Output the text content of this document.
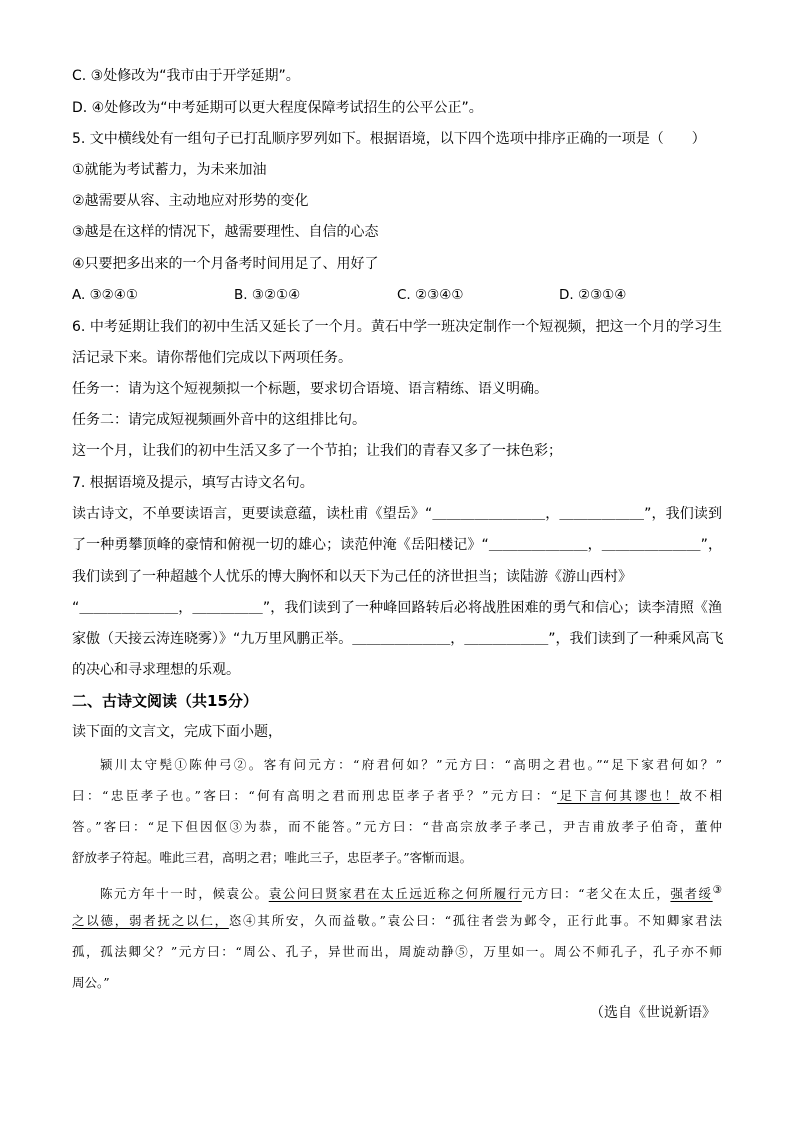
C. ③处修改为“我市由于开学延期”。
D. ④处修改为“中考延期可以更大程度保障考试招生的公平公正”。
5. 文中横线处有一组句子已打乱顺序罗列如下。根据语境，以下四个选项中排序正确的一项是（　　）
①就能为考试蓄力，为未来加油
②越需要从容、主动地应对形势的变化
③越是在这样的情况下，越需要理性、自信的心态
④只要把多出来的一个月备考时间用足了、用好了
A. ③②④①	B. ③②①④	C. ②③④①	D. ②③①④
6. 中考延期让我们的初中生活又延长了一个月。黄石中学一班决定制作一个短视频，把这一个月的学习生
活记录下来。请你帮他们完成以下两项任务。
任务一：请为这个短视频拟一个标题，要求切合语境、语言精练、语义明确。
任务二：请完成短视频画外音中的这组排比句。
这一个月，让我们的初中生活又多了一个节拍；让我们的青春又多了一抹色彩；
7. 根据语境及提示，填写古诗文名句。
读古诗文，不单要读语言，更要读意蕴，读杜甫《望岳》“＿＿＿＿＿＿＿＿，＿＿＿＿＿＿”，我们读到
了一种勇攀顶峰的豪情和俯视一切的雄心；读范仲淹《岳阳楼记》“＿＿＿＿＿＿＿，＿＿＿＿＿＿＿”，
我们读到了一种超越个人忧乐的博大胸怀和以天下为己任的济世担当；读陆游《游山西村》
“＿＿＿＿＿＿＿，＿＿＿＿＿”，我们读到了一种峰回路转后必将战胜困难的勇气和信心；读李清照《渔
家傲（天接云涛连晓雾）》“九万里风鹏正举。＿＿＿＿＿＿＿，＿＿＿＿＿＿”，我们读到了一种乘风高飞
的决心和寻求理想的乐观。
二、古诗文阅读（共15分）
读下面的文言文，完成下面小题，
颍川太守髡①陈仲弓②。客有问元方：“府君何如？”元方曰：“高明之君也。”“足下家君何如？”
曰：“忠臣孝子也。”客曰：“何有高明之君而刑忠臣孝子者乎？”元方曰：“足下言何其谬也！故不相
答。”客曰：“足下但因伛③为恭，而不能答。”元方曰：“昔高宗放孝子孝己，尹吉甫放孝子伯奇，董仲
舒放孝子符起。唯此三君，高明之君；唯此三子，忠臣孝子。”客惭而退。
陈元方年十一时，候袁公。袁公问曰贤家君在太丘远近称之何所履行元方曰：“老父在太丘，强者绥③
之以德，弱者抚之以仁，恣④其所安，久而益敬。”袁公曰：“孤往者尝为邺令，正行此事。不知卿家君法
孤，孤法卿父？”元方曰：“周公、孔子，异世而出，周旋动静⑤，万里如一。周公不师孔子，孔子亦不师
周公。”
（选自《世说新语》
